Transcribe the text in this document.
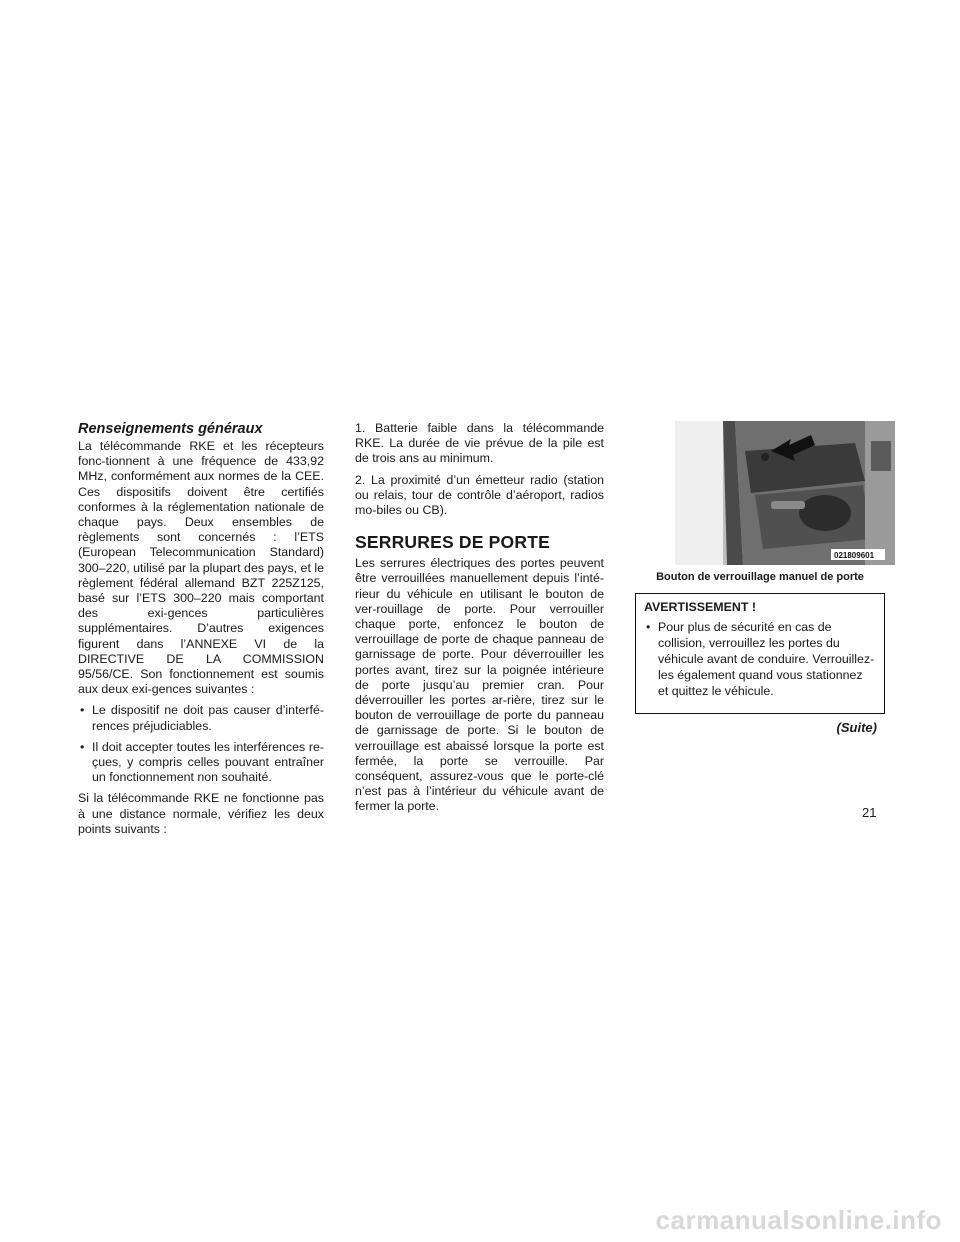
Renseignements généraux

La télécommande RKE et les récepteurs fonc-tionnent à une fréquence de 433,92 MHz, conformément aux normes de la CEE. Ces dispositifs doivent être certifiés conformes à la réglementation nationale de chaque pays. Deux ensembles de règlements sont concernés : l’ETS (European Telecommunication Standard) 300–220, utilisé par la plupart des pays, et le règlement fédéral allemand BZT 225Z125, basé sur l’ETS 300–220 mais comportant des exi-gences particulières supplémentaires. D’autres exigences figurent dans l’ANNEXE VI de la DIRECTIVE DE LA COMMISSION 95/56/CE. Son fonctionnement est soumis aux deux exi-gences suivantes :

• Le dispositif ne doit pas causer d’interfé-rences préjudiciables.
• Il doit accepter toutes les interférences re-çues, y compris celles pouvant entraîner un fonctionnement non souhaité.

Si la télécommande RKE ne fonctionne pas à une distance normale, vérifiez les deux points suivants :

1. Batterie faible dans la télécommande RKE. La durée de vie prévue de la pile est de trois ans au minimum.

2. La proximité d’un émetteur radio (station ou relais, tour de contrôle d’aéroport, radios mo-biles ou CB).

SERRURES DE PORTE

Les serrures électriques des portes peuvent être verrouillées manuellement depuis l’inté-rieur du véhicule en utilisant le bouton de ver-rouillage de porte. Pour verrouiller chaque porte, enfoncez le bouton de verrouillage de porte de chaque panneau de garnissage de porte. Pour déverrouiller les portes avant, tirez sur la poignée intérieure de porte jusqu’au premier cran. Pour déverrouiller les portes ar-rière, tirez sur le bouton de verrouillage de porte du panneau de garnissage de porte. Si le bouton de verrouillage est abaissé lorsque la porte est fermée, la porte se verrouille. Par conséquent, assurez-vous que le porte-clé n’est pas à l’intérieur du véhicule avant de fermer la porte.

021809601
Bouton de verrouillage manuel de porte
AVERTISSEMENT !
• Pour plus de sécurité en cas de collision, verrouillez les portes du véhicule avant de conduire. Verrouillez-les également quand vous stationnez et quittez le véhicule.
(Suite)
21
carmanualsonline.info
